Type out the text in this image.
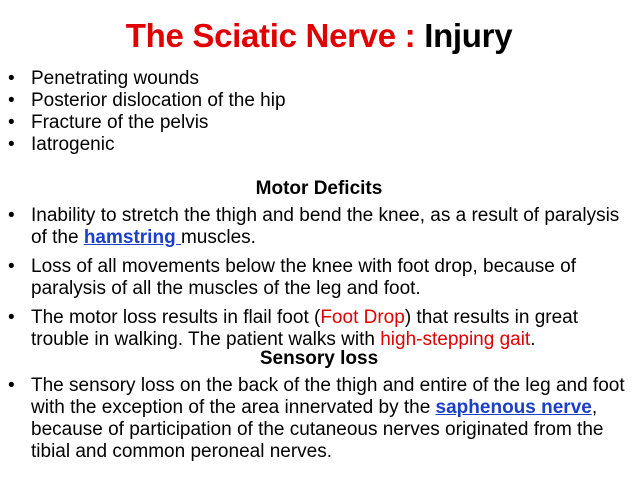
The Sciatic Nerve : Injury
• Penetrating wounds
• Posterior dislocation of the hip
• Fracture of the pelvis
• Iatrogenic
Motor Deficits
• Inability to stretch the thigh and bend the knee, as a result of paralysis of the hamstring muscles.
• Loss of all movements below the knee with foot drop, because of paralysis of all the muscles of the leg and foot.
• The motor loss results in flail foot (Foot Drop) that results in great trouble in walking. The patient walks with high-stepping gait.
Sensory loss
• The sensory loss on the back of the thigh and entire of the leg and foot with the exception of the area innervated by the saphenous nerve, because of participation of the cutaneous nerves originated from the tibial and common peroneal nerves.
